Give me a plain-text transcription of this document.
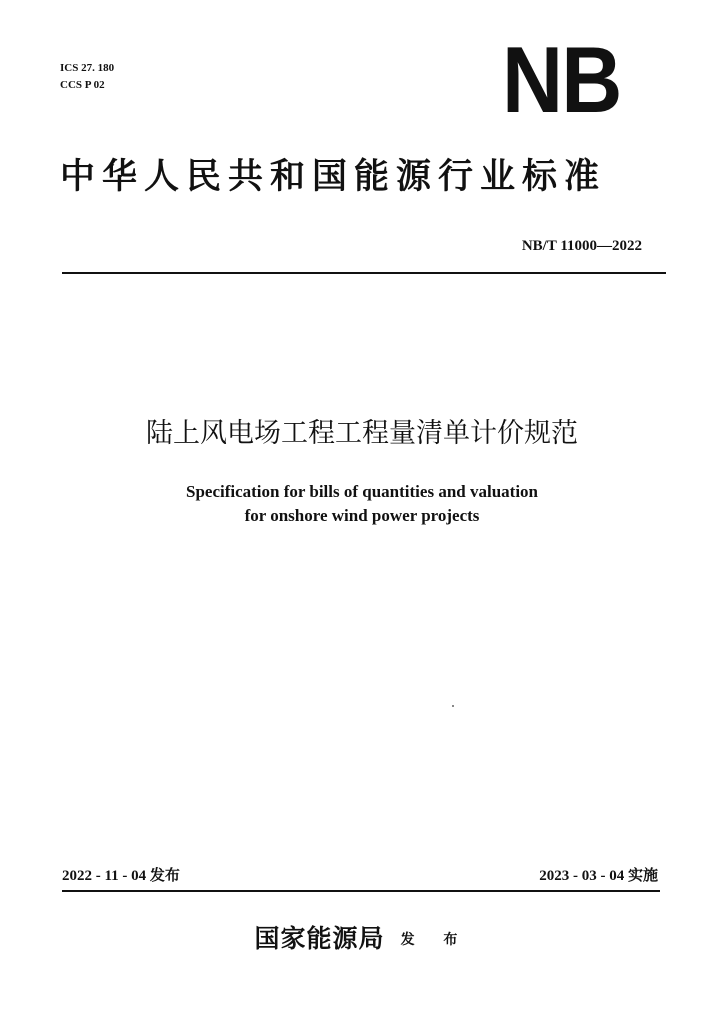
ICS 27. 180
CCS P 02	NB
中华人民共和国能源行业标准
NB/T 11000—2022
陆上风电场工程工程量清单计价规范
Specification for bills of quantities and valuation
for onshore wind power projects
2022 - 11 - 04 发布	2023 - 03 - 04 实施
国家能源局 发 布
